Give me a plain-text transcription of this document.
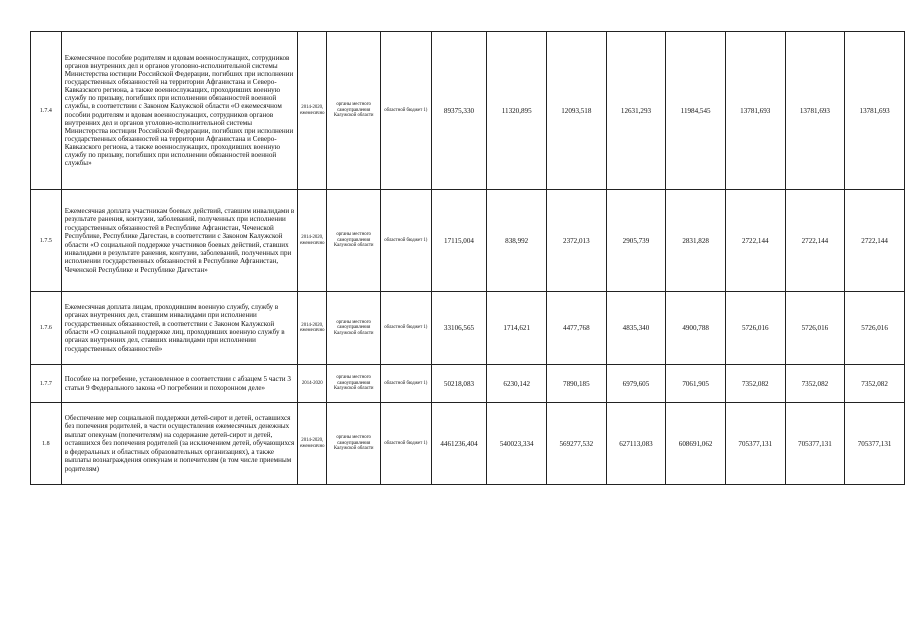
1.7.4	Ежемесячное пособие родителям и вдовам военнослужащих, сотрудников органов внутренних дел и органов уголовно-исполнительной системы Министерства юстиции Российской Федерации, погибших при исполнении государственных обязанностей на территории Афганистана и Северо-Кавказского региона, а также военнослужащих, проходивших военную службу по призыву, погибших при исполнении обязанностей военной службы, в соответствии с Законом Калужской области «О ежемесячном пособии родителям и вдовам военнослужащих, сотрудников органов внутренних дел и органов уголовно-исполнительной системы Министерства юстиции Российской Федерации, погибших при исполнении государственных обязанностей на территории Афганистана и Северо-Кавказского региона, а также военнослужащих, проходивших военную службу по призыву, погибших при исполнении обязанностей военной службы»	2014-2020, ежемесячно	органы местного самоуправления Калужской области	областной бюджет 1)	89375,330	11320,895	12093,518	12631,293	11984,545	13781,693	13781,693	13781,693
1.7.5	Ежемесячная доплата участникам боевых действий, ставшим инвалидами в результате ранения, контузии, заболеваний, полученных при исполнении государственных обязанностей в Республике Афганистан, Чеченской Республике, Республике Дагестан, в соответствии с Законом Калужской области «О социальной поддержке участников боевых действий, ставших инвалидами в результате ранения, контузии, заболеваний, полученных при исполнении государственных обязанностей в Республике Афганистан, Чеченской Республике и Республике Дагестан»	2014-2020, ежемесячно	органы местного самоуправления Калужской области	областной бюджет 1)	17115,004	838,992	2372,013	2905,739	2831,828	2722,144	2722,144	2722,144
1.7.6	Ежемесячная доплата лицам, проходившим военную службу, службу в органах внутренних дел, ставшим инвалидами при исполнении государственных обязанностей, в соответствии с Законом Калужской области «О социальной поддержке лиц, проходивших военную службу в органах внутренних дел, ставших инвалидами при исполнении государственных обязанностей»	2014-2020, ежемесячно	органы местного самоуправления Калужской области	областной бюджет 1)	33106,565	1714,621	4477,768	4835,340	4900,788	5726,016	5726,016	5726,016
1.7.7	Пособие на погребение, установленное в соответствии с абзацем 5 части 3 статьи 9 Федерального закона «О погребении и похоронном деле»	2014-2020	органы местного самоуправления Калужской области	областной бюджет 1)	50218,083	6230,142	7890,185	6979,605	7061,905	7352,082	7352,082	7352,082
1.8	Обеспечение мер социальной поддержки детей-сирот и детей, оставшихся без попечения родителей, в части осуществления ежемесячных денежных выплат опекунам (попечителям) на содержание детей-сирот и детей, оставшихся без попечения родителей (за исключением детей, обучающихся в федеральных и областных образовательных организациях), а также выплаты вознаграждения опекунам и попечителям (в том числе приемным родителям)	2014-2020, ежемесячно	органы местного самоуправления Калужской области	областной бюджет 1)	4461236,404	540023,334	569277,532	627113,083	608691,062	705377,131	705377,131	705377,131
